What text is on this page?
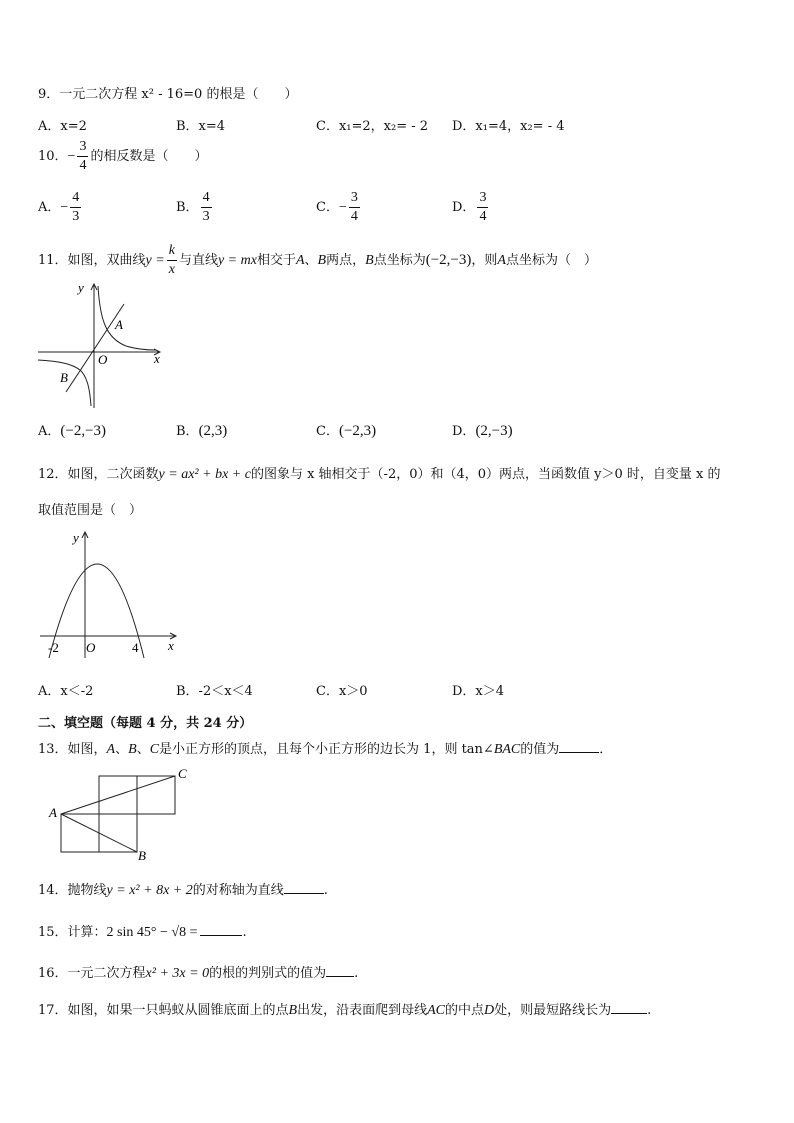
9．一元二次方程 x² - 16=0 的根是（　　）
A．x=2	B．x=4	C．x₁=2，x₂= - 2 D．x₁=4，x₂= - 4
10．− $\frac{3}{4}$ 的相反数是（　　）
A．− $\frac{4}{3}$	B． $\frac{4}{3}$	C．− $\frac{3}{4}$	D． $\frac{3}{4}$
11．如图，双曲线$y = \frac{k}{x}$ 与直线y = mx相交于A、B两点，B点坐标为(−2,−3)，则A点坐标为（　）
y
x
O
A
B
A．(−2,−3)	B．(2,3)	C．(−2,3)	D．(2,−3)
12．如图，二次函数y = ax² + bx + c的图象与 x 轴相交于（-2，0）和（4，0）两点，当函数值 y＞0 时，自变量 x 的
取值范围是（　）
y
x
O
-2	4
A．x＜-2	B．-2＜x＜4	C．x＞0	D．x＞4
二、填空题（每题 4 分，共 24 分）
13．如图，A、B、C是小正方形的顶点，且每个小正方形的边长为 1，则 tan∠BAC的值为	．
A
B
C
14．抛物线y = x² + 8x + 2的对称轴为直线	.
15．计算：2 sin 45° − √8 =	.
16．一元二次方程x² + 3x = 0的根的判别式的值为 .
17．如图，如果一只蚂蚁从圆锥底面上的点B出发，沿表面爬到母线AC的中点D处，则最短路线长为	.
